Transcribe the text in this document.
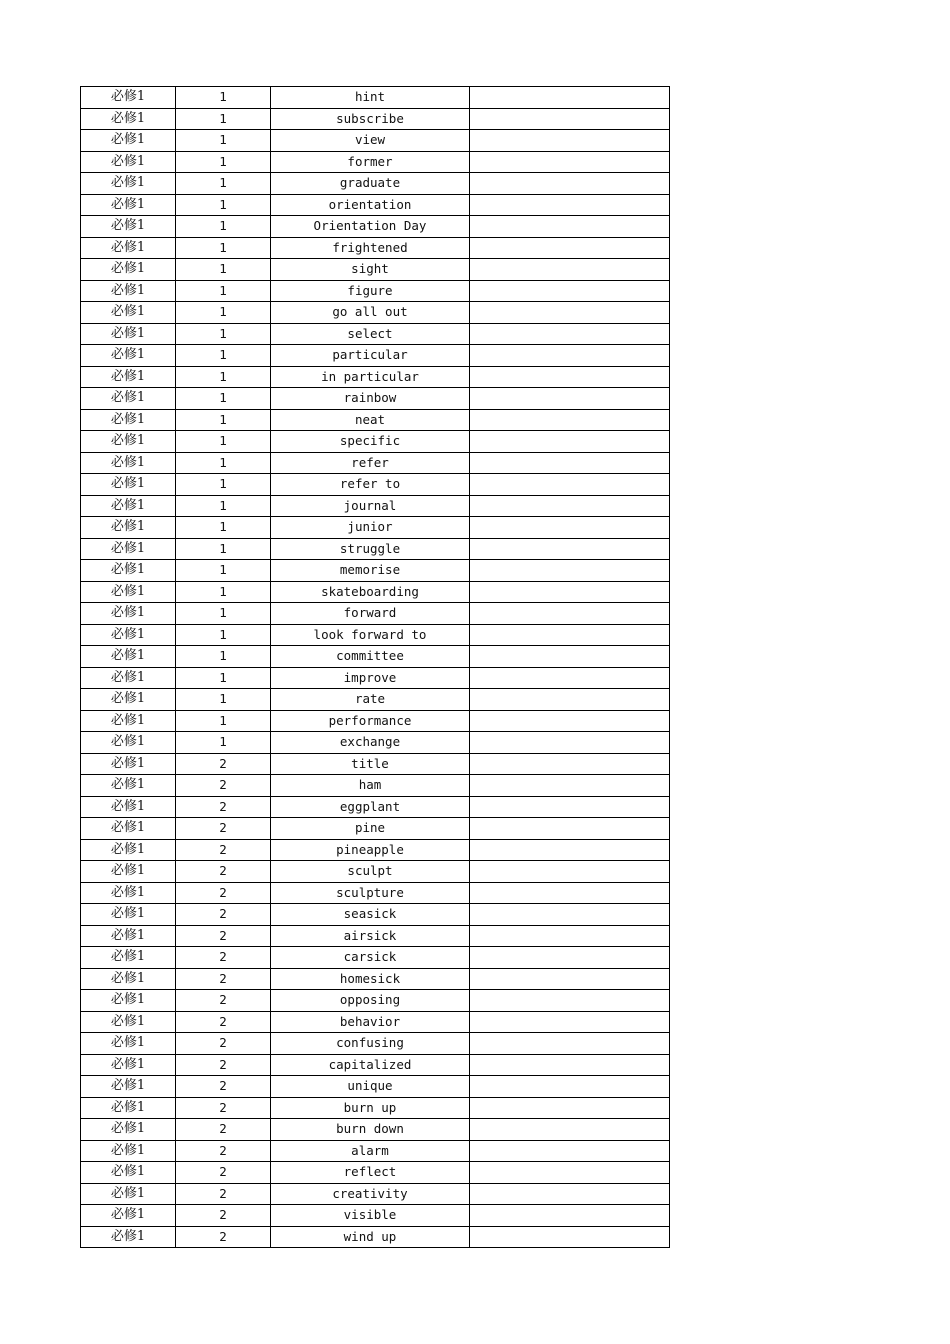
必修1	1	hint	
必修1	1	subscribe	
必修1	1	view	
必修1	1	former	
必修1	1	graduate	
必修1	1	orientation	
必修1	1	Orientation Day	
必修1	1	frightened	
必修1	1	sight	
必修1	1	figure	
必修1	1	go all out	
必修1	1	select	
必修1	1	particular	
必修1	1	in particular	
必修1	1	rainbow	
必修1	1	neat	
必修1	1	specific	
必修1	1	refer	
必修1	1	refer to	
必修1	1	journal	
必修1	1	junior	
必修1	1	struggle	
必修1	1	memorise	
必修1	1	skateboarding	
必修1	1	forward	
必修1	1	look forward to	
必修1	1	committee	
必修1	1	improve	
必修1	1	rate	
必修1	1	performance	
必修1	1	exchange	
必修1	2	title	
必修1	2	ham	
必修1	2	eggplant	
必修1	2	pine	
必修1	2	pineapple	
必修1	2	sculpt	
必修1	2	sculpture	
必修1	2	seasick	
必修1	2	airsick	
必修1	2	carsick	
必修1	2	homesick	
必修1	2	opposing	
必修1	2	behavior	
必修1	2	confusing	
必修1	2	capitalized	
必修1	2	unique	
必修1	2	burn up	
必修1	2	burn down	
必修1	2	alarm	
必修1	2	reflect	
必修1	2	creativity	
必修1	2	visible	
必修1	2	wind up	
